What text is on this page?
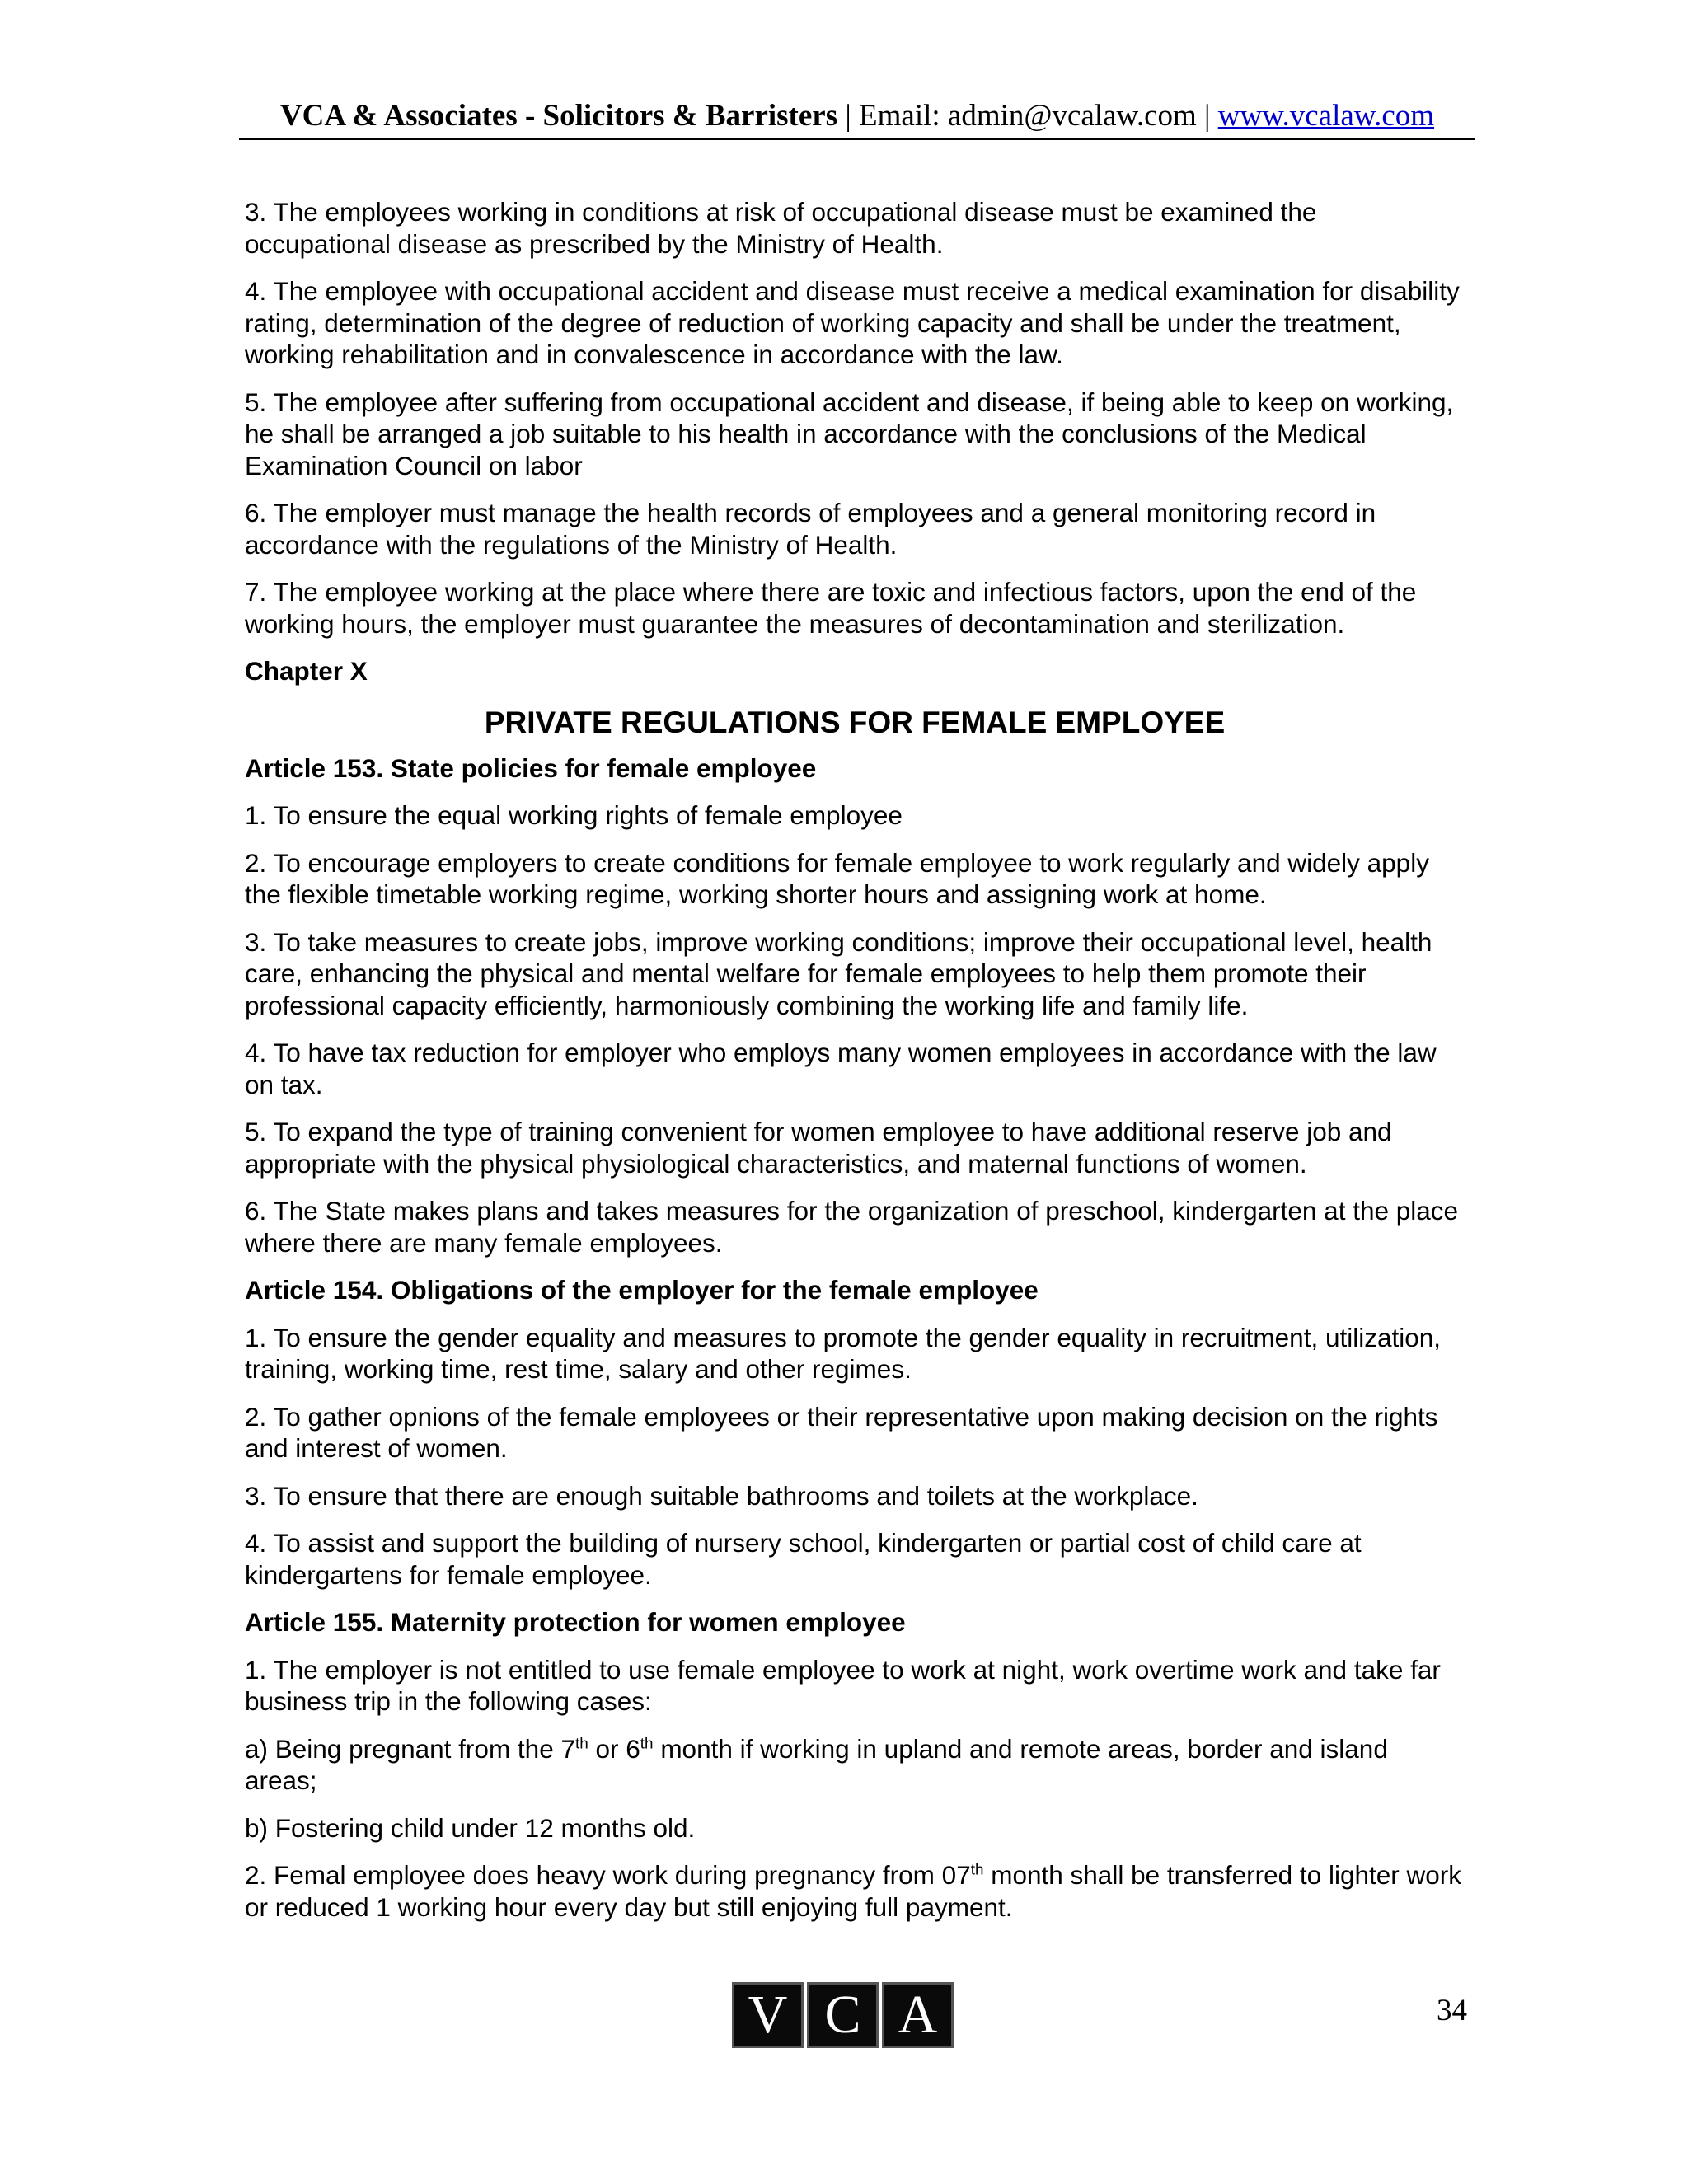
VCA & Associates - Solicitors & Barristers | Email: admin@vcalaw.com | www.vcalaw.com

3. The employees working in conditions at risk of occupational disease must be examined the occupational disease as prescribed by the Ministry of Health.

4. The employee with occupational accident and disease must receive a medical examination for disability rating, determination of the degree of reduction of working capacity and shall be under the treatment, working rehabilitation and in convalescence in accordance with the law.

5. The employee after suffering from occupational accident and disease, if being able to keep on working, he shall be arranged a job suitable to his health in accordance with the conclusions of the Medical Examination Council on labor

6. The employer must manage the health records of employees and a general monitoring record in accordance with the regulations of the Ministry of Health.

7. The employee working at the place where there are toxic and infectious factors, upon the end of the working hours, the employer must guarantee the measures of decontamination and sterilization.

Chapter X

PRIVATE REGULATIONS FOR FEMALE EMPLOYEE

Article 153. State policies for female employee

1. To ensure the equal working rights of female employee

2. To encourage employers to create conditions for female employee to work regularly and widely apply the flexible timetable working regime, working shorter hours and assigning work at home.

3. To take measures to create jobs, improve working conditions; improve their occupational level, health care, enhancing the physical and mental welfare for female employees to help them promote their professional capacity efficiently, harmoniously combining the working life and family life.

4. To have tax reduction for employer who employs many women employees in accordance with the law on tax.

5. To expand the type of training convenient for women employee to have additional reserve job and appropriate with the physical physiological characteristics, and maternal functions of women.

6. The State makes plans and takes measures for the organization of preschool, kindergarten at the place where there are many female employees.

Article 154. Obligations of the employer for the female employee

1. To ensure the gender equality and measures to promote the gender equality in recruitment, utilization, training, working time, rest time, salary and other regimes.

2. To gather opnions of the female employees or their representative upon making decision on the rights and interest of women.

3. To ensure that there are enough suitable bathrooms and toilets at the workplace.

4. To assist and support the building of nursery school, kindergarten or partial cost of child care at kindergartens for female employee.

Article 155. Maternity protection for women employee

1. The employer is not entitled to use female employee to work at night, work overtime work and take far business trip in the following cases:

a) Being pregnant from the 7th or 6th month if working in upland and remote areas, border and island areas;

b) Fostering child under 12 months old.

2. Femal employee does heavy work during pregnancy from 07th month shall be transferred to lighter work or reduced 1 working hour every day but still enjoying full payment.

V C A	34
